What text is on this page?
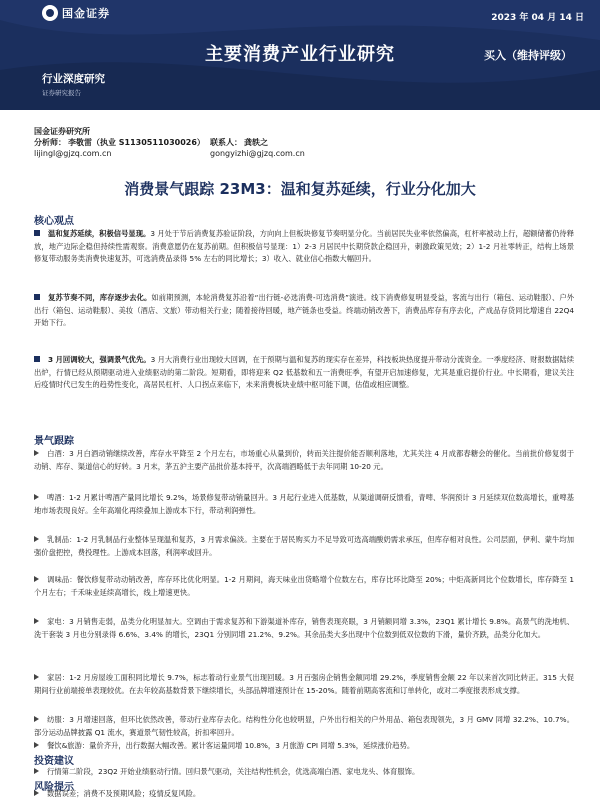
国金证券	2023 年 04 月 14 日
主要消费产业行业研究	买入（维持评级）
行业深度研究
证券研究报告
国金证券研究所
分析师： 李敬雷（执业 S1130511030026） 联系人： 龚轶之
lijingl@gjzq.com.cn	gongyizhi@gjzq.com.cn
消费景气跟踪 23M3：温和复苏延续，行业分化加大
核心观点
温和复苏延续，积极信号显现。3 月处于节后消费复苏验证阶段，方向向上但板块修复节奏明显分化。当前居民失业率依然偏高，杠杆率被动上行，超额储蓄仍待释放，地产边际企稳但持续性需观察。消费意愿仍在复苏前期。但积极信号显现：1）2-3 月居民中长期贷款企稳回升，刺激政策见效；2）1-2 月社零转正，结构上场景修复带动服务类消费快速复苏，可选消费品录得 5% 左右的同比增长；3）收入、就业信心指数大幅回升。
复苏节奏不同，库存逐步去化。如前期预测，本轮消费复苏沿着“出行链-必选消费-可选消费”演进。线下消费修复明显受益，客流与出行（箱包、运动鞋服）、户外出行（箱包、运动鞋服）、美妆（酒店、文旅）带动相关行业；随着接待回暖，地产链条也受益。终端动销改善下，消费品库存有序去化，产成品存货同比增速自 22Q4 开始下行。
3 月回调较大，强调景气优先。3 月大消费行业出现较大回调，在于预期与温和复苏的现实存在差异，科技板块热度提升带动分流资金。一季度经济、财报数据陆续出炉，行情已经从预期驱动进入业绩驱动的第二阶段。短期看，即将迎来 Q2 低基数和五一消费旺季，有望开启加速修复，尤其是重启提价行业。中长期看，建议关注后疫情时代已发生的趋势性变化，高居民杠杆、人口拐点来临下，未来消费板块业绩中枢可能下调，估值或相应调整。
景气跟踪
白酒：3 月白酒动销继续改善，库存水平降至 2 个月左右，市场重心从量到价，转而关注提价能否顺利落地，尤其关注 4 月成都春糖会的催化。当前批价修复弱于动销、库存、渠道信心的好转。3 月末，茅五沪主要产品批价基本持平，次高端酒略低于去年同期 10-20 元。
啤酒：1-2 月累计啤酒产量同比增长 9.2%，场景修复带动销量回升。3 月起行业进入低基数，从渠道调研反馈看，青啤、华润预计 3 月延续双位数高增长，重啤基地市场表现良好。全年高端化再续叠加上游成本下行，带动利润弹性。
乳制品：1-2 月乳制品行业整体呈现温和复苏，3 月需求偏淡。主要在于居民购买力不足导致可选高端酸奶需求承压，但库存相对良性。公司层面，伊利、蒙牛均加强价盘把控，费投理性。上游成本回落，利润率或回升。
调味品：餐饮修复带动动销改善，库存环比优化明显。1-2 月期间，海天味业出货略增个位数左右，库存比环比降至 20%；中炬高新同比个位数增长，库存降至 1 个月左右；千禾味业延续高增长，线上增速更快。
家电：3 月销售走弱，品类分化明显加大。空调由于需求复苏和下游渠道补库存，销售表现亮眼，3 月销额同增 3.3%，23Q1 累计增长 9.8%。高景气的洗地机、洗干套装 3 月也分别录得 6.6%、3.4% 的增长，23Q1 分别同增 21.2%、9.2%。其余品类大多出现中个位数到低双位数的下滑，量价齐跌，品类分化加大。
家居：1-2 月房屋竣工面积同比增长 9.7%，标志着动行业景气出现回暖。3 月百强房企销售金额同增 29.2%，季度销售金额 22 年以来首次同比转正。315 大促期间行业前端接单表现较优。在去年较高基数背景下继续增长，头部品牌增速预计在 15-20%。随着前期高客流和订单转化，或对二季度报表形成支撑。
纺服：3 月增速回落，但环比依然改善，带动行业库存去化。结构性分化也较明显，户外出行相关的户外用品、箱包表现领先，3 月 GMV 同增 32.2%、10.7%。部分运动品牌披露 Q1 流水，赛道景气韧性较高，折扣率回升。
餐饮&旅游：量价齐升，出行数据大幅改善。累计客运量同增 10.8%，3 月旅游 CPI 同增 5.3%，延续涨价趋势。
投资建议
行情第二阶段，23Q2 开始业绩驱动行情。回归景气驱动，关注结构性机会，优选高端白酒、家电龙头、体育服饰。
风险提示
数据误差；消费不及预期风险；疫情反复风险。
